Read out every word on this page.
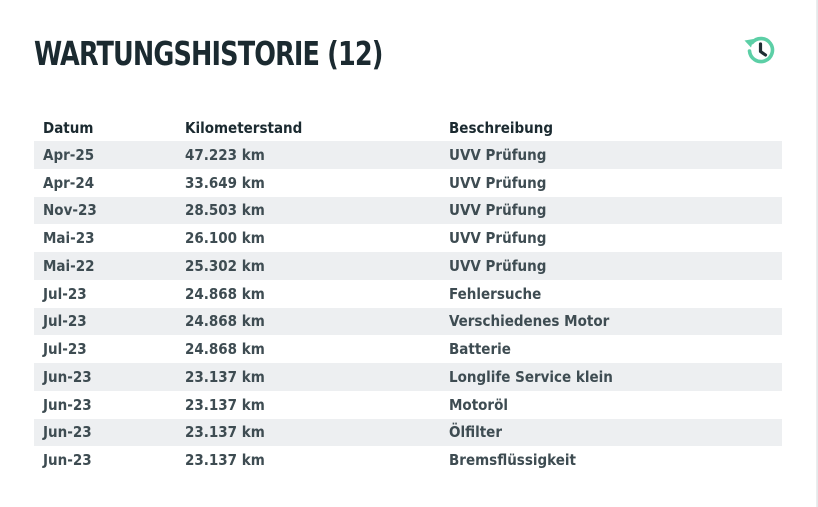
WARTUNGSHISTORIE (12)
Datum	Kilometerstand	Beschreibung
Apr-25	47.223 km	UVV Prüfung
Apr-24	33.649 km	UVV Prüfung
Nov-23	28.503 km	UVV Prüfung
Mai-23	26.100 km	UVV Prüfung
Mai-22	25.302 km	UVV Prüfung
Jul-23	24.868 km	Fehlersuche
Jul-23	24.868 km	Verschiedenes Motor
Jul-23	24.868 km	Batterie
Jun-23	23.137 km	Longlife Service klein
Jun-23	23.137 km	Motoröl
Jun-23	23.137 km	Ölfilter
Jun-23	23.137 km	Bremsflüssigkeit
